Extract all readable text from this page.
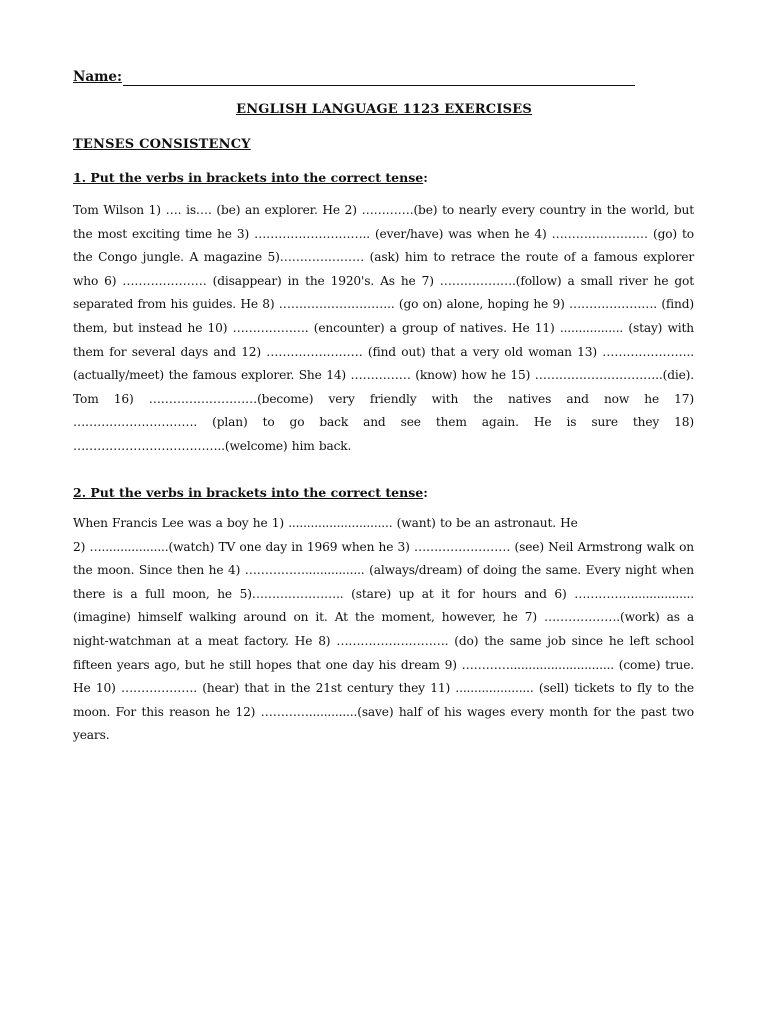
Name:
ENGLISH LANGUAGE 1123 EXERCISES
TENSES CONSISTENCY
1. Put the verbs in brackets into the correct tense:
Tom Wilson 1) …. is…. (be) an explorer. He 2) ………….(be) to nearly every country in the world, but the most exciting time he 3) ……………………….. (ever/have) was when he 4) …………………… (go) to the Congo jungle. A magazine 5)………………… (ask) him to retrace the route of a famous explorer who 6) ………………… (disappear) in the 1920's. As he 7) ……………….(follow) a small river he got separated from his guides. He 8) ……………………….. (go on) alone, hoping he 9) …………………. (find) them, but instead he 10) ………………. (encounter) a group of natives. He 11) ................. (stay) with them for several days and 12) …………………… (find out) that a very old woman 13) …………………..(actually/meet) the famous explorer. She 14) …………… (know) how he 15) …………………………..(die). Tom 16) ………………………(become) very friendly with the natives and now he 17) …………………………. (plan) to go back and see them again. He is sure they 18) ………………………………..(welcome) him back.
2. Put the verbs in brackets into the correct tense:
When Francis Lee was a boy he 1) ............................ (want) to be an astronaut. He
2) …..................(watch) TV one day in 1969 when he 3) …………………… (see) Neil Armstrong walk on the moon. Since then he 4) ……………................ (always/dream) of doing the same. Every night when there is a full moon, he 5)………………….. (stare) up at it for hours and 6) ……………................ (imagine) himself walking around on it. At the moment, however, he 7) ……………….(work) as a night-watchman at a meat factory. He 8) ………………………. (do) the same job since he left school fifteen years ago, but he still hopes that one day his dream 9) …………............................ (come) true. He 10) ………………. (hear) that in the 21st century they 11) ..................... (sell) tickets to fly to the moon. For this reason he 12) ………….............(save) half of his wages every month for the past two years.
